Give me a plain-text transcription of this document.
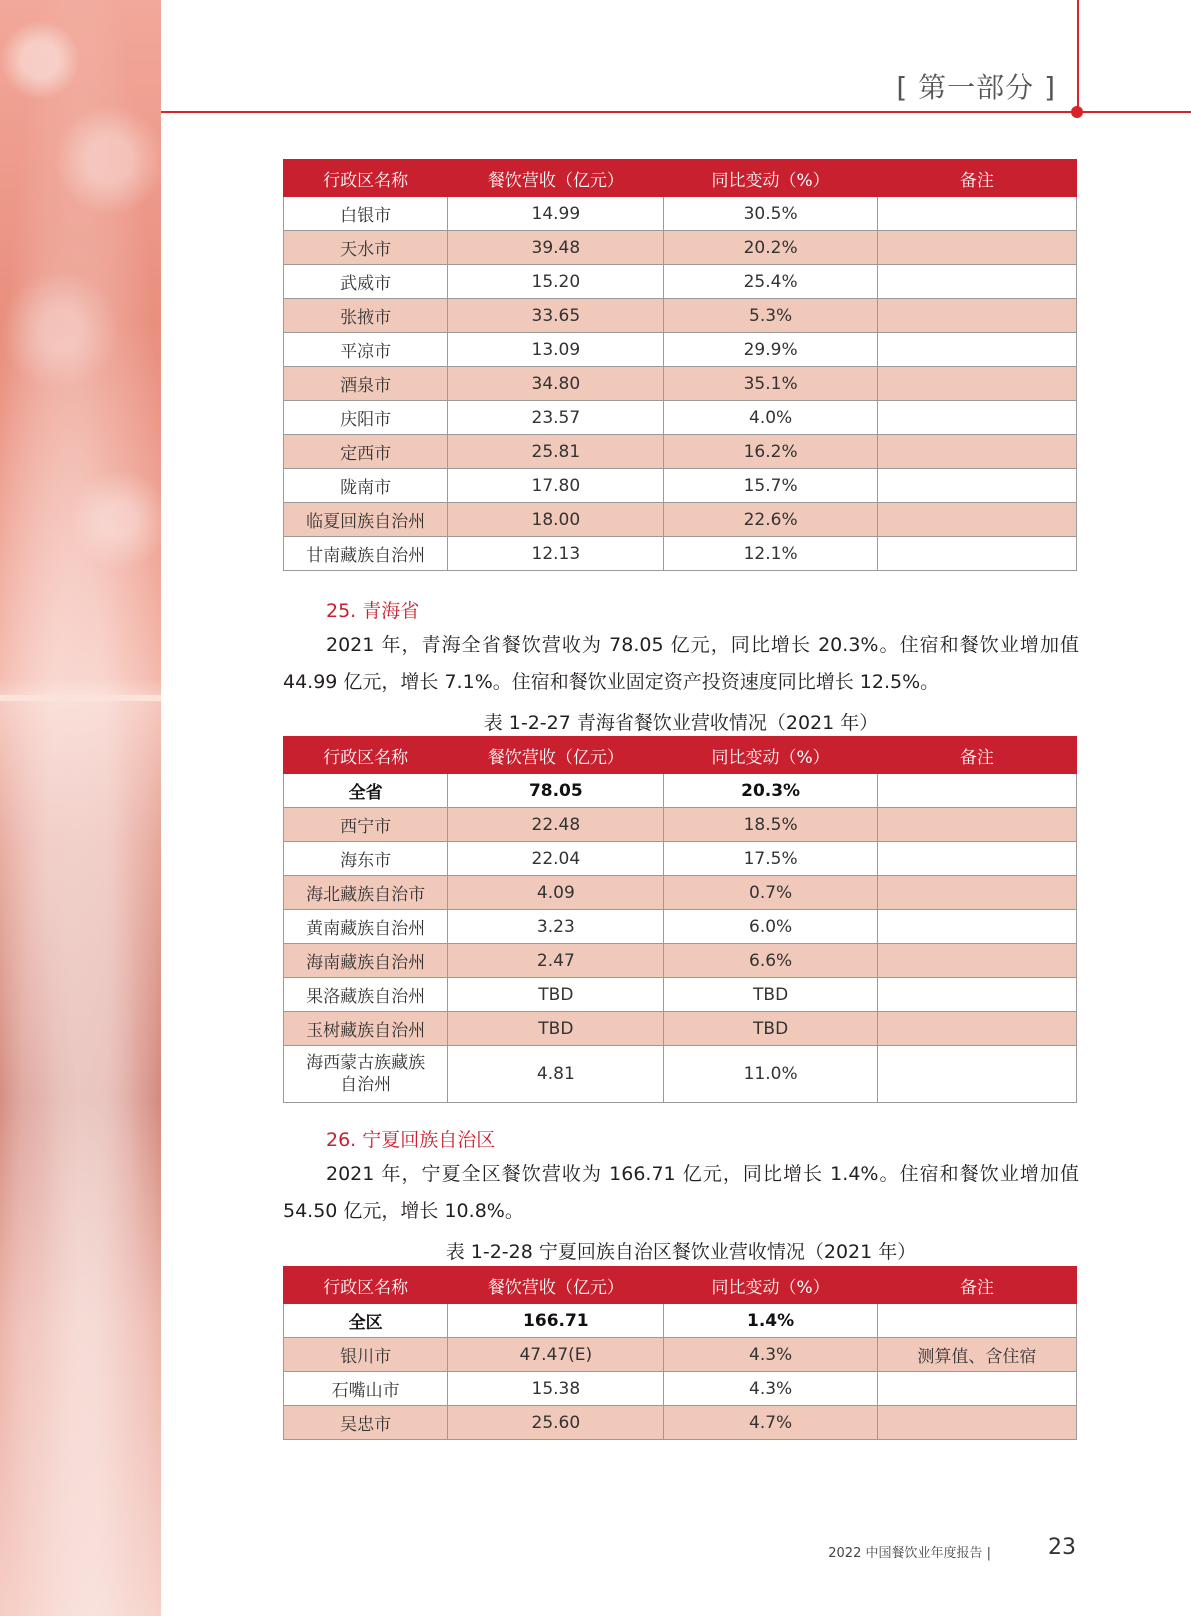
[ 第一部分 ]
行政区名称	餐饮营收（亿元）	同比变动（%）	备注
白银市	14.99	30.5%	
天水市	39.48	20.2%	
武威市	15.20	25.4%	
张掖市	33.65	5.3%	
平凉市	13.09	29.9%	
酒泉市	34.80	35.1%	
庆阳市	23.57	4.0%	
定西市	25.81	16.2%	
陇南市	17.80	15.7%	
临夏回族自治州	18.00	22.6%	
甘南藏族自治州	12.13	12.1%	
25. 青海省
2021 年，青海全省餐饮营收为 78.05 亿元，同比增长 20.3%。住宿和餐饮业增加值 44.99 亿元，增长 7.1%。住宿和餐饮业固定资产投资速度同比增长 12.5%。
表 1-2-27 青海省餐饮业营收情况（2021 年）
行政区名称	餐饮营收（亿元）	同比变动（%）	备注
全省	78.05	20.3%	
西宁市	22.48	18.5%	
海东市	22.04	17.5%	
海北藏族自治市	4.09	0.7%	
黄南藏族自治州	3.23	6.0%	
海南藏族自治州	2.47	6.6%	
果洛藏族自治州	TBD	TBD	
玉树藏族自治州	TBD	TBD	
海西蒙古族藏族自治州	4.81	11.0%	
26. 宁夏回族自治区
2021 年，宁夏全区餐饮营收为 166.71 亿元，同比增长 1.4%。住宿和餐饮业增加值 54.50 亿元，增长 10.8%。
表 1-2-28 宁夏回族自治区餐饮业营收情况（2021 年）
行政区名称	餐饮营收（亿元）	同比变动（%）	备注
全区	166.71	1.4%	
银川市	47.47(E)	4.3%	测算值、含住宿
石嘴山市	15.38	4.3%	
吴忠市	25.60	4.7%	
2022 中国餐饮业年度报告 |	23
